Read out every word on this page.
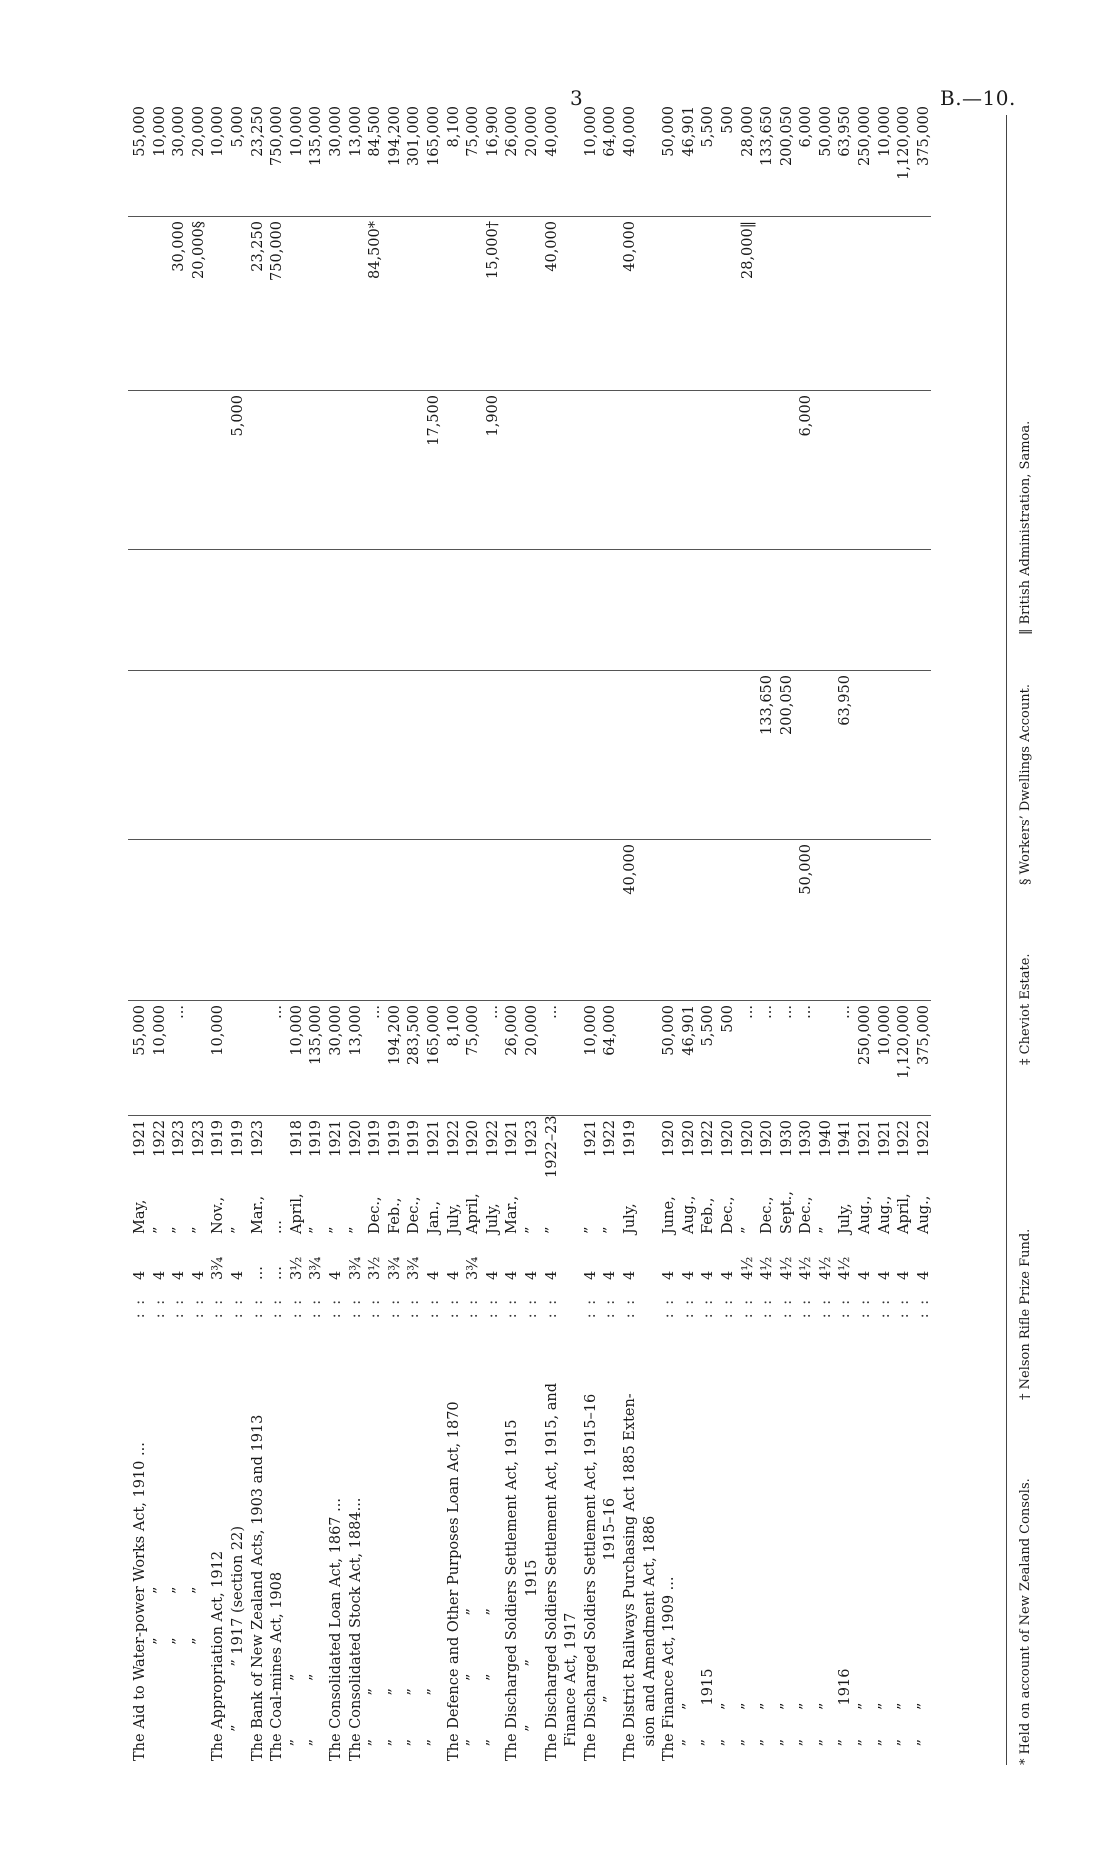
3	B.—10.
The Aid to Water-power Works Act, 1910 ...	: :	4	May,	1921	55,000						55,000
　　　　　　　　”　　　”	: :	4	”	1922	10,000						10,000
　　　　　　　　”　　　”	: :	4	”	1923	...					30,000	30,000
　　　　　　　　”　　　”	: :	4	”	1923						20,000§	20,000
The Appropriation Act, 1912	: :	3¾	Nov.,	1919	10,000						10,000
　　”　　　　” 1917 (section 22)	: :	4	”	1919					5,000		5,000
The Bank of New Zealand Acts, 1903 and 1913	: :	...	Mar.,	1923						23,250	23,250
The Coal-mines Act, 1908	: :	...	...		...					750,000	750,000
　”　　　　”	: :	3½	April,	1918	10,000						10,000
　”　　　　”	: :	3¾	”	1919	135,000						135,000
The Consolidated Loan Act, 1867 ...	: :	4	”	1921	30,000						30,000
The Consolidated Stock Act, 1884...	: :	3¾	”	1920	13,000						13,000
　”　　　”	: :	3½	Dec.,	1919	...					84,500*	84,500
　”　　　”	: :	3¾	Feb.,	1919	194,200						194,200
　”　　　”	: :	3¾	Dec.,	1919	283,500						301,000
　”　　　”	: :	4	Jan.,	1921	165,000				17,500		165,000
The Defence and Other Purposes Loan Act, 1870	: :	4	July,	1922	8,100						8,100
　”　　　　”　　　　”	: :	3¾	April,	1920	75,000						75,000
　”　　　　”　　　　”	: :	4	July,	1922	...				1,900	15,000†	16,900
The Discharged Soldiers Settlement Act, 1915	: :	4	Mar.,	1921	26,000						26,000
　　”　　　　”　　　　 1915	: :	4	”	1923	20,000						20,000
The Discharged Soldiers Settlement Act, 1915, and	: :	4	”	1922–23	...					40,000	40,000
　Finance Act, 1917											
The Discharged Soldiers Settlement Act, 1915–16	: :	4	”	1921	10,000						10,000
　　　　”　　　　　　　　　 1915–16	: :	4	”	1922	64,000						64,000
The District Railways Purchasing Act 1885 Exten-	: :	4	July,	1919		40,000				40,000	40,000
　sion and Amendment Act, 1886											
The Finance Act, 1909 ...	: :	4	June,	1920	50,000						50,000
　”　　”	: :	4	Aug.,	1920	46,901						46,901
　”　　 1915	: :	4	Feb.,	1922	5,500						5,500
　”　　”	: :	4	Dec.,	1920	500						500
　”　　”	: :	4½	”	1920	...					28,000‖	28,000
　”　　”	: :	4½	Dec.,	1920	...		133,650				133,650
　”　　”	: :	4½	Sept.,	1930	...		200,050				200,050
　”　　”	: :	4½	Dec.,	1930	...	50,000			6,000		6,000
　”　　”	: :	4½	”	1940							50,000
　”　　 1916	: :	4½	July,	1941	...		63,950				63,950
　”　　”	: :	4	Aug.,	1921	250,000						250,000
　”　　”	: :	4	Aug.,	1921	10,000						10,000
　”　　”	: :	4	April,	1922	1,120,000						1,120,000
　”　　”	: :	4	Aug.,	1922	375,000						375,000
* Held on account of New Zealand Consols.
† Nelson Rifle Prize Fund.
‡ Cheviot Estate.
§ Workers’ Dwellings Account.
‖ British Administration, Samoa.
